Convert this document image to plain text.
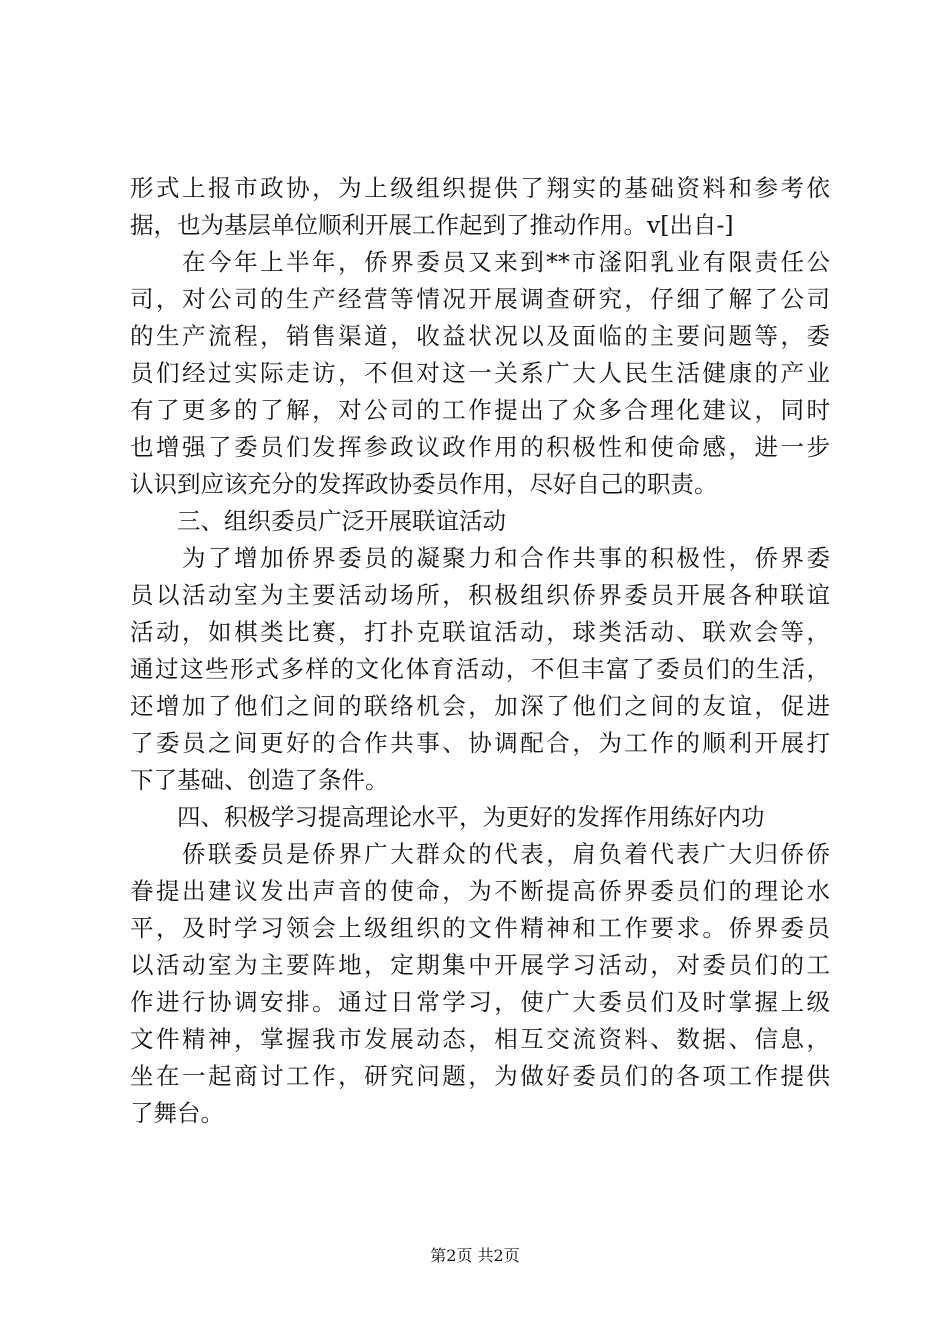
形式上报市政协，为上级组织提供了翔实的基础资料和参考依
据，也为基层单位顺利开展工作起到了推动作用。v[出自-]
　　在今年上半年，侨界委员又来到**市滏阳乳业有限责任公
司，对公司的生产经营等情况开展调查研究，仔细了解了公司
的生产流程，销售渠道，收益状况以及面临的主要问题等，委
员们经过实际走访，不但对这一关系广大人民生活健康的产业
有了更多的了解，对公司的工作提出了众多合理化建议，同时
也增强了委员们发挥参政议政作用的积极性和使命感，进一步
认识到应该充分的发挥政协委员作用，尽好自己的职责。
　　三、组织委员广泛开展联谊活动
　　为了增加侨界委员的凝聚力和合作共事的积极性，侨界委
员以活动室为主要活动场所，积极组织侨界委员开展各种联谊
活动，如棋类比赛，打扑克联谊活动，球类活动、联欢会等，
通过这些形式多样的文化体育活动，不但丰富了委员们的生活，
还增加了他们之间的联络机会，加深了他们之间的友谊，促进
了委员之间更好的合作共事、协调配合，为工作的顺利开展打
下了基础、创造了条件。
　　四、积极学习提高理论水平，为更好的发挥作用练好内功
　　侨联委员是侨界广大群众的代表，肩负着代表广大归侨侨
眷提出建议发出声音的使命，为不断提高侨界委员们的理论水
平，及时学习领会上级组织的文件精神和工作要求。侨界委员
以活动室为主要阵地，定期集中开展学习活动，对委员们的工
作进行协调安排。通过日常学习，使广大委员们及时掌握上级
文件精神，掌握我市发展动态，相互交流资料、数据、信息，
坐在一起商讨工作，研究问题，为做好委员们的各项工作提供
了舞台。
第2页 共2页
